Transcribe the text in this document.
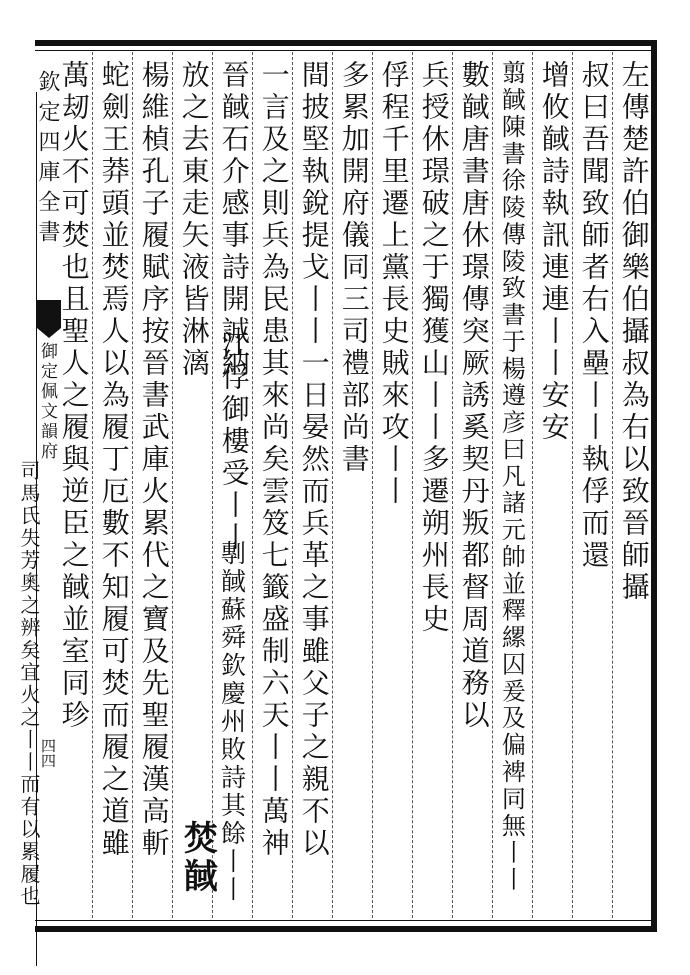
欽定四庫全書
御定佩文韻府
四四
左傳楚許伯御樂伯攝叔為右以致晉師攝
叔曰吾聞致師者右入壘丨丨執俘而還
增攸馘詩執訊連連丨丨安安
翦馘陳書徐陵傳陵致書于楊遵彦曰凡諸元帥並釋縲囚爰及偏裨同無丨丨
數馘唐書唐休璟傳突厥誘奚契丹叛都督周道務以
兵授休璟破之于獨獲山丨丨多遷朔州長史
俘程千里遷上黨長史賊來攻丨丨
多累加開府儀同三司禮部尚書
間披堅執銳提戈丨丨一日晏然而兵革之事雖父子之親不以
一言及之則兵為民患其來尚矣雲笈七籤盛制六天丨丨萬神
晉馘石介感事詩開誠納
江俘御樓受丨丨
剸馘蘇舜欽慶州敗詩其餘丨丨
放之去東走矢液皆淋漓
焚馘
楊維楨孔子履賦序按晉書武庫火累代之寶及先聖履漢高斬
蛇劍王莽頭並焚焉人以為履丁厄數不知履可焚而履之道雖
萬刼火不可焚也且聖人之履與逆臣之馘並室同珍
司馬氏失芳奧之辨矣宜火之丨丨而有以累履也
